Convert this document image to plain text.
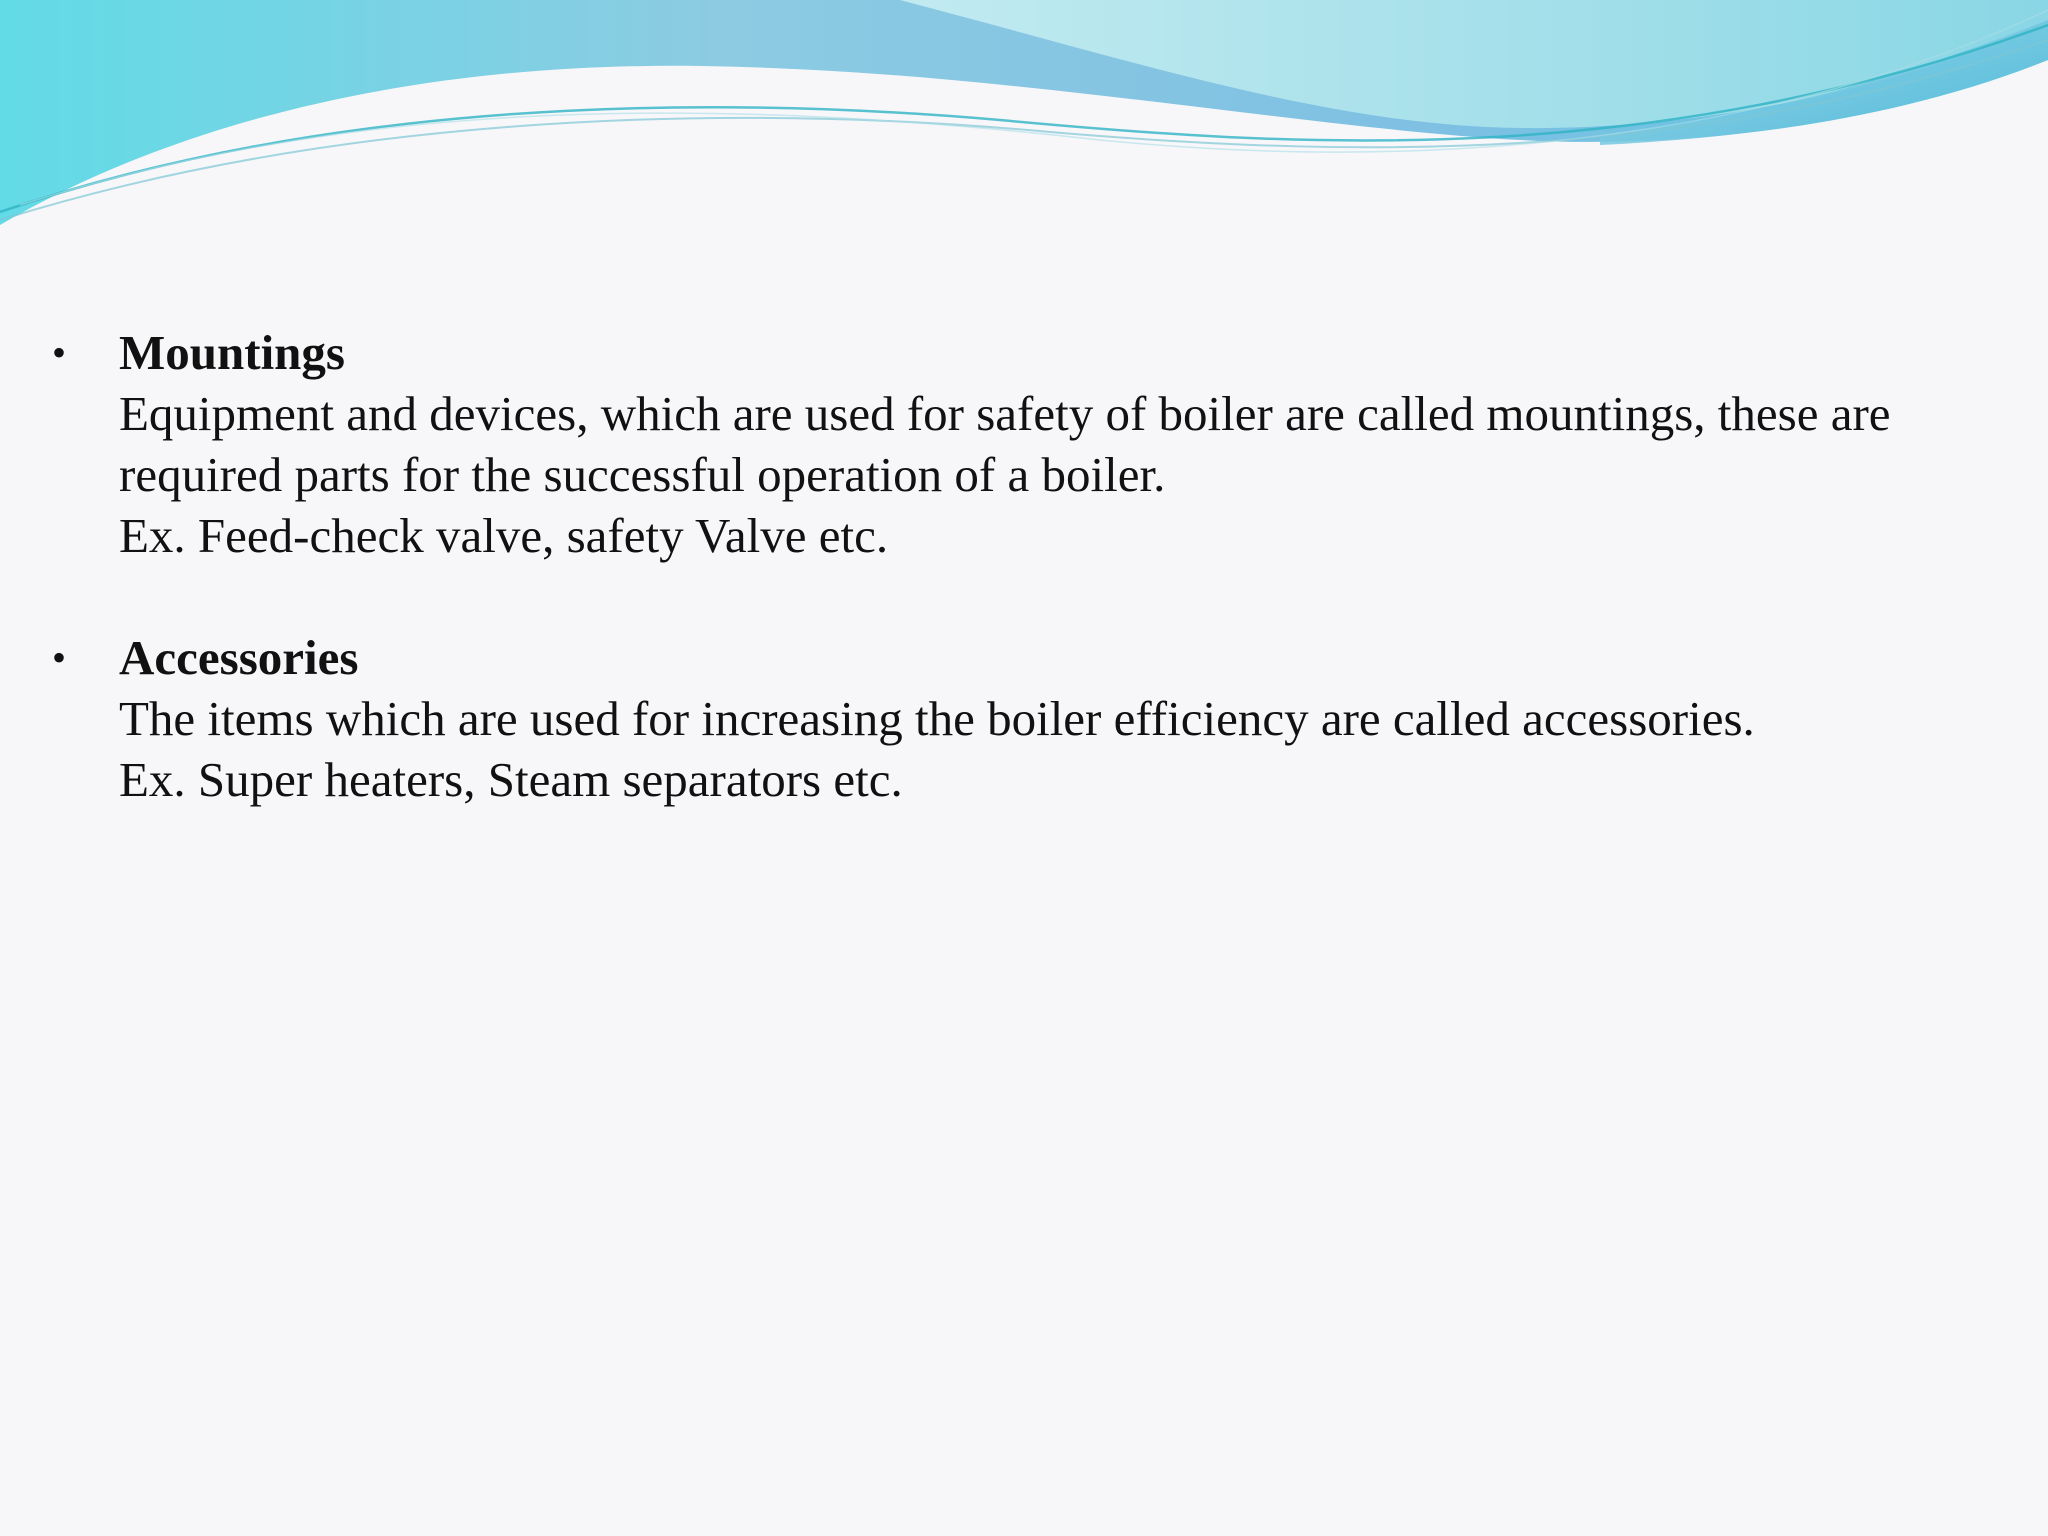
• Mountings
Equipment and devices, which are used for safety of boiler are called mountings, these are
required parts for the successful operation of a boiler.
Ex. Feed-check valve, safety Valve etc.
• Accessories
The items which are used for increasing the boiler efficiency are called accessories.
Ex. Super heaters, Steam separators etc.
